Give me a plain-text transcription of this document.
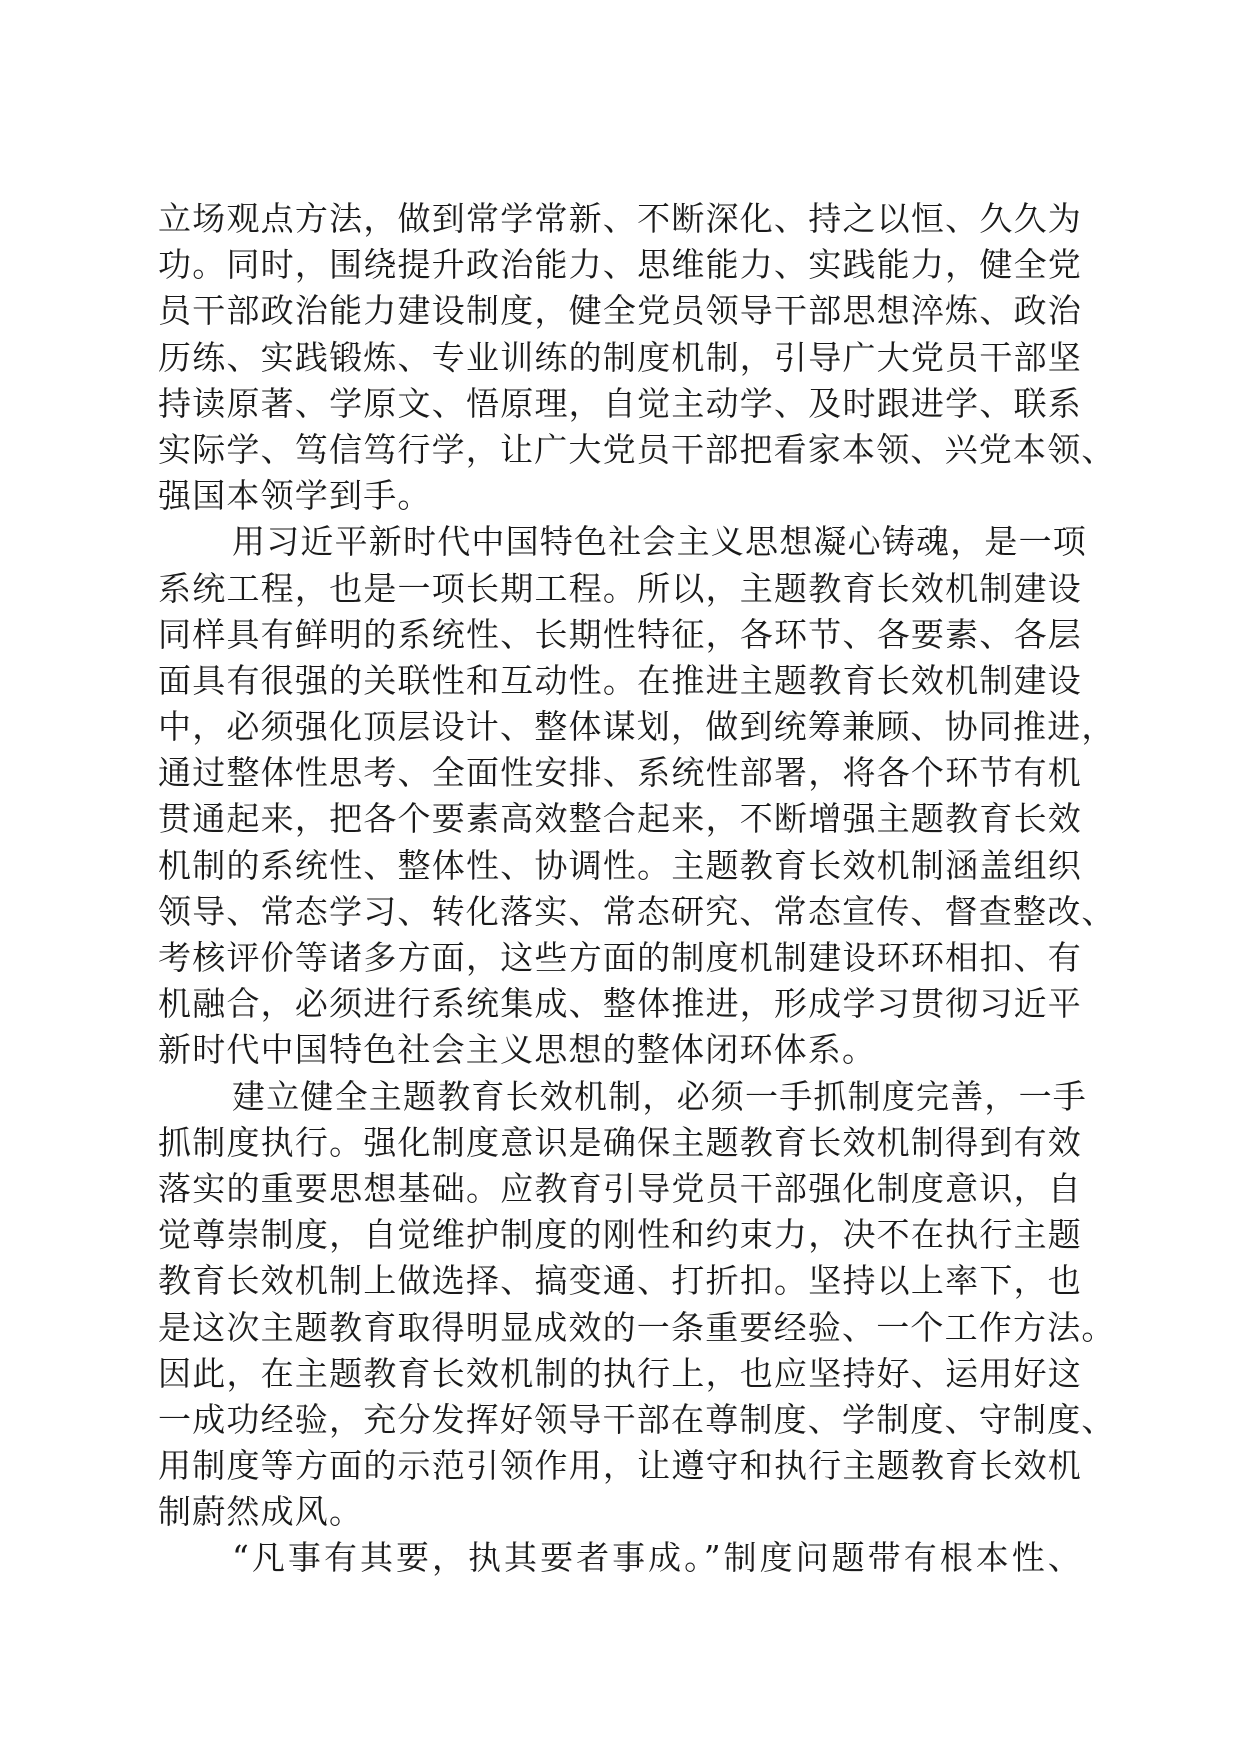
立场观点方法，做到常学常新、不断深化、持之以恒、久久为
功。同时，围绕提升政治能力、思维能力、实践能力，健全党
员干部政治能力建设制度，健全党员领导干部思想淬炼、政治
历练、实践锻炼、专业训练的制度机制，引导广大党员干部坚
持读原著、学原文、悟原理，自觉主动学、及时跟进学、联系
实际学、笃信笃行学，让广大党员干部把看家本领、兴党本领、
强国本领学到手。
用习近平新时代中国特色社会主义思想凝心铸魂，是一项
系统工程，也是一项长期工程。所以，主题教育长效机制建设
同样具有鲜明的系统性、长期性特征，各环节、各要素、各层
面具有很强的关联性和互动性。在推进主题教育长效机制建设
中，必须强化顶层设计、整体谋划，做到统筹兼顾、协同推进，
通过整体性思考、全面性安排、系统性部署，将各个环节有机
贯通起来，把各个要素高效整合起来，不断增强主题教育长效
机制的系统性、整体性、协调性。主题教育长效机制涵盖组织
领导、常态学习、转化落实、常态研究、常态宣传、督查整改、
考核评价等诸多方面，这些方面的制度机制建设环环相扣、有
机融合，必须进行系统集成、整体推进，形成学习贯彻习近平
新时代中国特色社会主义思想的整体闭环体系。
建立健全主题教育长效机制，必须一手抓制度完善，一手
抓制度执行。强化制度意识是确保主题教育长效机制得到有效
落实的重要思想基础。应教育引导党员干部强化制度意识，自
觉尊崇制度，自觉维护制度的刚性和约束力，决不在执行主题
教育长效机制上做选择、搞变通、打折扣。坚持以上率下，也
是这次主题教育取得明显成效的一条重要经验、一个工作方法。
因此，在主题教育长效机制的执行上，也应坚持好、运用好这
一成功经验，充分发挥好领导干部在尊制度、学制度、守制度、
用制度等方面的示范引领作用，让遵守和执行主题教育长效机
制蔚然成风。
“凡事有其要，执其要者事成。”制度问题带有根本性、
